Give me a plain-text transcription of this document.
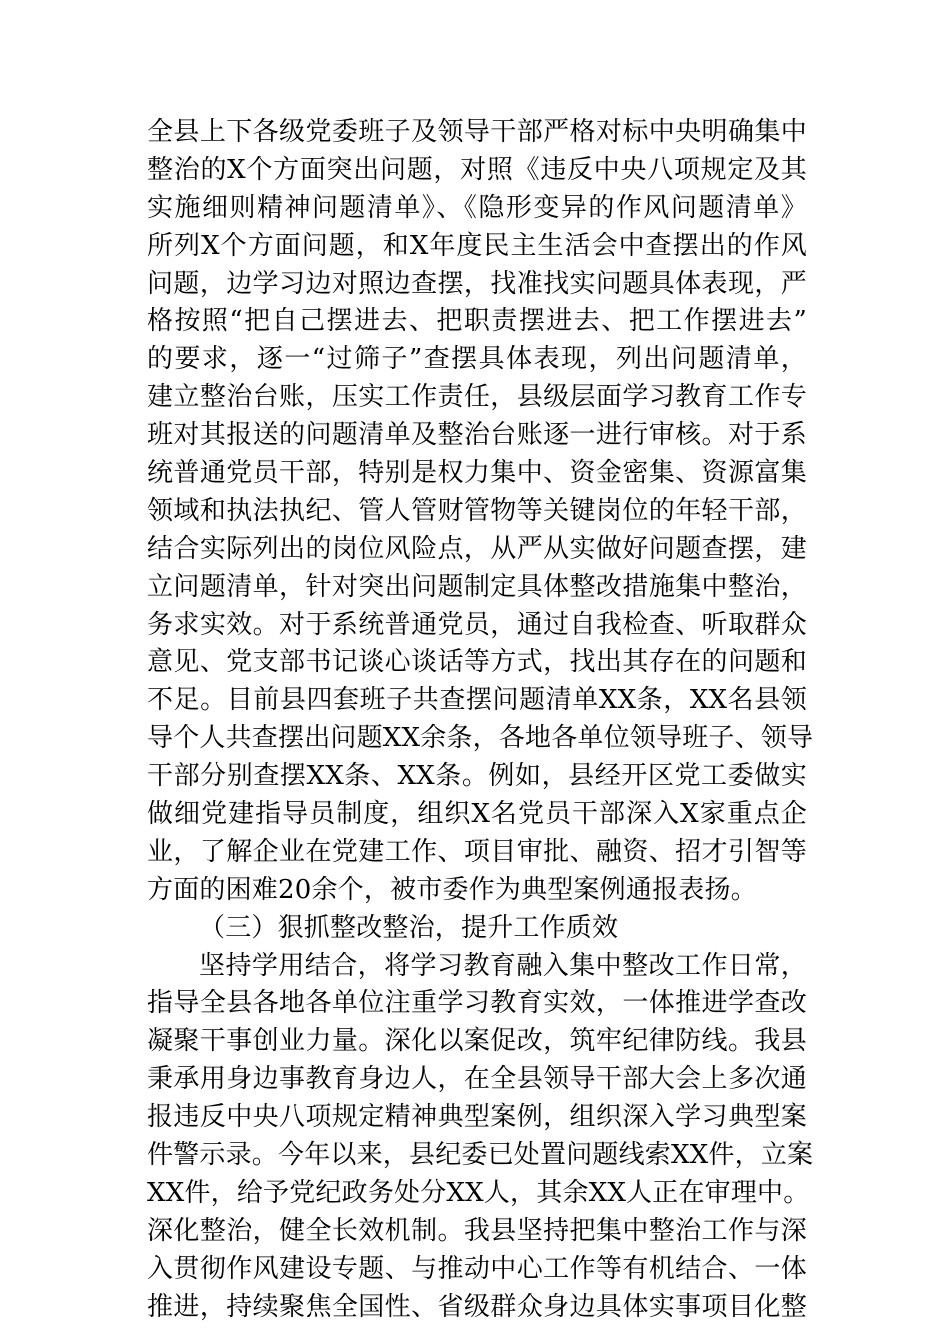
全县上下各级党委班子及领导干部严格对标中央明确集中
整治的X个方面突出问题，对照《违反中央八项规定及其
实施细则精神问题清单》、《隐形变异的作风问题清单》
所列X个方面问题，和X年度民主生活会中查摆出的作风
问题，边学习边对照边查摆，找准找实问题具体表现，严
格按照“把自己摆进去、把职责摆进去、把工作摆进去”
的要求，逐一“过筛子”查摆具体表现，列出问题清单，
建立整治台账，压实工作责任，县级层面学习教育工作专
班对其报送的问题清单及整治台账逐一进行审核。对于系
统普通党员干部，特别是权力集中、资金密集、资源富集
领域和执法执纪、管人管财管物等关键岗位的年轻干部，
结合实际列出的岗位风险点，从严从实做好问题查摆，建
立问题清单，针对突出问题制定具体整改措施集中整治，
务求实效。对于系统普通党员，通过自我检查、听取群众
意见、党支部书记谈心谈话等方式，找出其存在的问题和
不足。目前县四套班子共查摆问题清单XX条，XX名县领
导个人共查摆出问题XX余条，各地各单位领导班子、领导
干部分别查摆XX条、XX条。例如，县经开区党工委做实
做细党建指导员制度，组织X名党员干部深入X家重点企
业，了解企业在党建工作、项目审批、融资、招才引智等
方面的困难20余个，被市委作为典型案例通报表扬。
（三）狠抓整改整治，提升工作质效
坚持学用结合，将学习教育融入集中整改工作日常，
指导全县各地各单位注重学习教育实效，一体推进学查改
凝聚干事创业力量。深化以案促改，筑牢纪律防线。我县
秉承用身边事教育身边人，在全县领导干部大会上多次通
报违反中央八项规定精神典型案例，组织深入学习典型案
件警示录。今年以来，县纪委已处置问题线索XX件，立案
XX件，给予党纪政务处分XX人，其余XX人正在审理中。
深化整治，健全长效机制。我县坚持把集中整治工作与深
入贯彻作风建设专题、与推动中心工作等有机结合、一体
推进，持续聚焦全国性、省级群众身边具体实事项目化整
